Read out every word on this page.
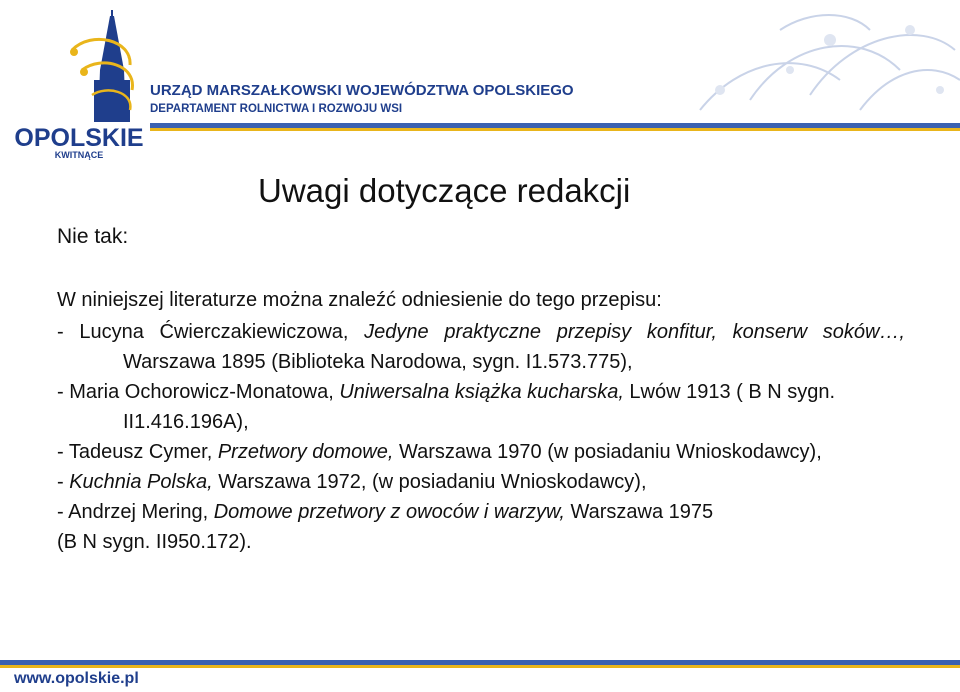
OPOLSKIE
KWITNĄCE
URZĄD MARSZAŁKOWSKI WOJEWÓDZTWA OPOLSKIEGO
DEPARTAMENT ROLNICTWA I ROZWOJU WSI
Uwagi dotyczące redakcji
Nie tak:

W niniejszej literaturze można znaleźć odniesienie do tego przepisu:

- Lucyna Ćwierczakiewiczowa, Jedyne praktyczne przepisy konfitur, konserw soków…, Warszawa 1895 (Biblioteka Narodowa, sygn. I1.573.775),

- Maria Ochorowicz-Monatowa, Uniwersalna książka kucharska, Lwów 1913 ( B N sygn. II1.416.196A),

- Tadeusz Cymer, Przetwory domowe, Warszawa 1970 (w posiadaniu Wnioskodawcy),

- Kuchnia Polska, Warszawa 1972, (w posiadaniu Wnioskodawcy),

- Andrzej Mering, Domowe przetwory z owoców i warzyw, Warszawa 1975

(B N sygn. II950.172).

www.opolskie.pl
